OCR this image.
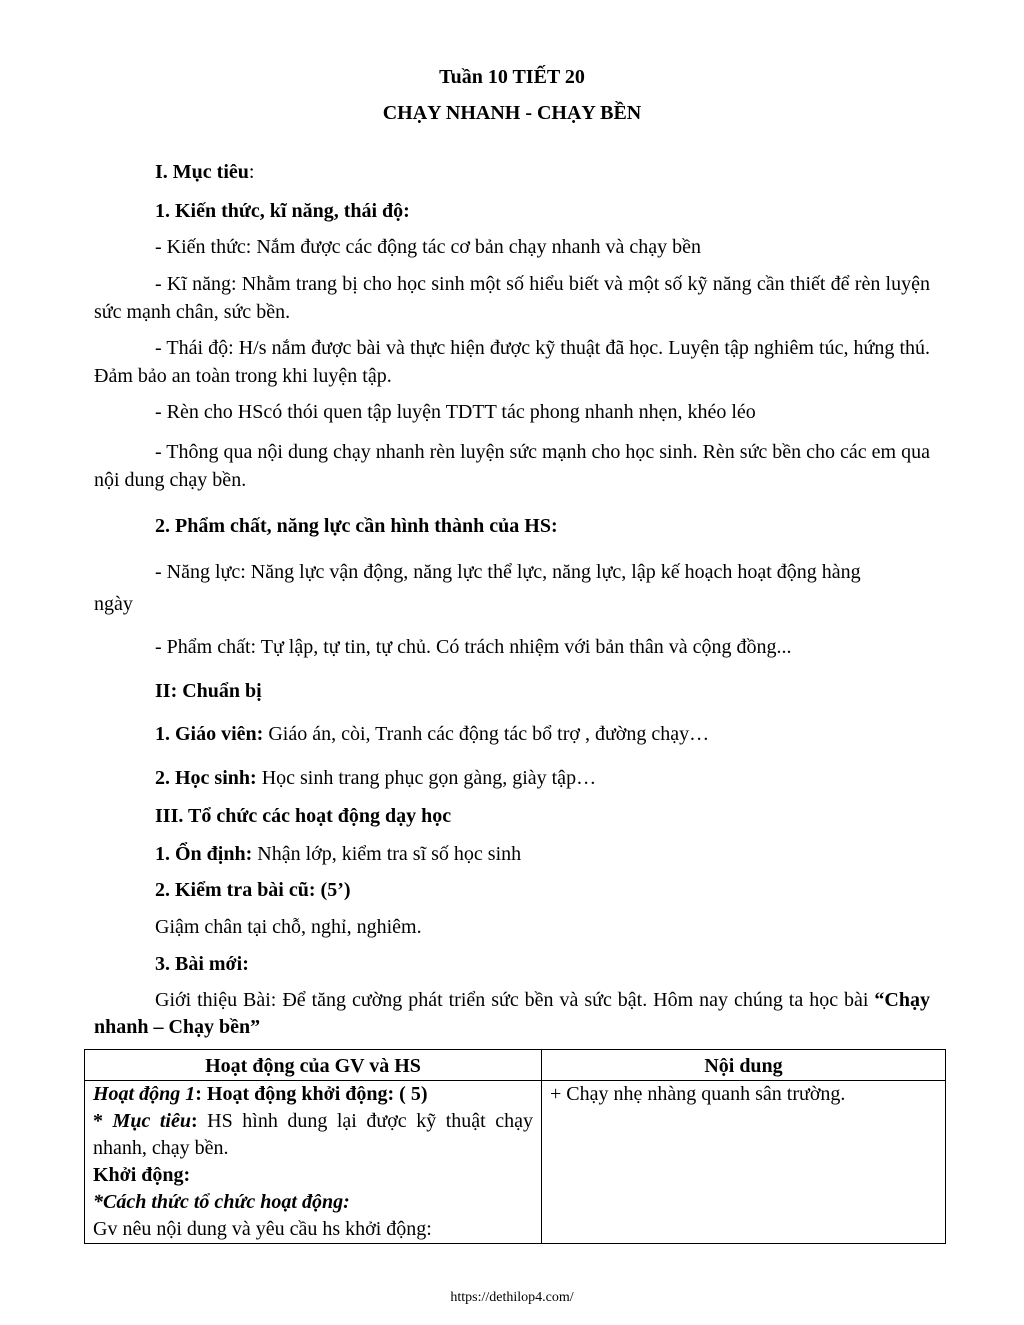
Tuần 10 TIẾT 20

CHẠY NHANH - CHẠY BỀN

I. Mục tiêu:

1. Kiến thức, kĩ năng, thái độ:

- Kiến thức: Nắm được các động tác cơ bản chạy nhanh và chạy bền

- Kĩ năng: Nhằm trang bị cho học sinh một số hiểu biết và một số kỹ năng cần thiết để rèn luyện sức mạnh chân, sức bền.

- Thái độ: H/s nắm được bài và thực hiện được kỹ thuật đã học. Luyện tập nghiêm túc, hứng thú. Đảm bảo an toàn trong khi luyện tập.

- Rèn cho HScó thói quen tập luyện TDTT tác phong nhanh nhẹn, khéo léo

- Thông qua nội dung chạy nhanh rèn luyện sức mạnh cho học sinh. Rèn sức bền cho các em qua nội dung chạy bền.

2. Phẩm chất, năng lực cần hình thành của HS:

- Năng lực: Năng lực vận động, năng lực thể lực, năng lực, lập kế hoạch hoạt động hàng ngày

- Phẩm chất: Tự lập, tự tin, tự chủ. Có trách nhiệm với bản thân và cộng đồng...

II: Chuẩn bị

1. Giáo viên: Giáo án, còi, Tranh các động tác bổ trợ , đường chạy…

2. Học sinh: Học sinh trang phục gọn gàng, giày tập…

III. Tổ chức các hoạt động dạy học

1. Ổn định: Nhận lớp, kiểm tra sĩ số học sinh

2. Kiểm tra bài cũ: (5’)

Giậm chân tại chỗ, nghỉ, nghiêm.

3. Bài mới:

Giới thiệu Bài: Để tăng cường phát triển sức bền và sức bật. Hôm nay chúng ta học bài “Chạy nhanh – Chạy bền”

Hoạt động của GV và HS	Nội dung

Hoạt động 1: Hoạt động khởi động: ( 5)
* Mục tiêu: HS hình dung lại được kỹ thuật chạy nhanh, chạy bền.
Khởi động:
*Cách thức tổ chức hoạt động:
Gv nêu nội dung và yêu cầu hs khởi động:	+ Chạy nhẹ nhàng quanh sân trường.
https://dethilop4.com/
